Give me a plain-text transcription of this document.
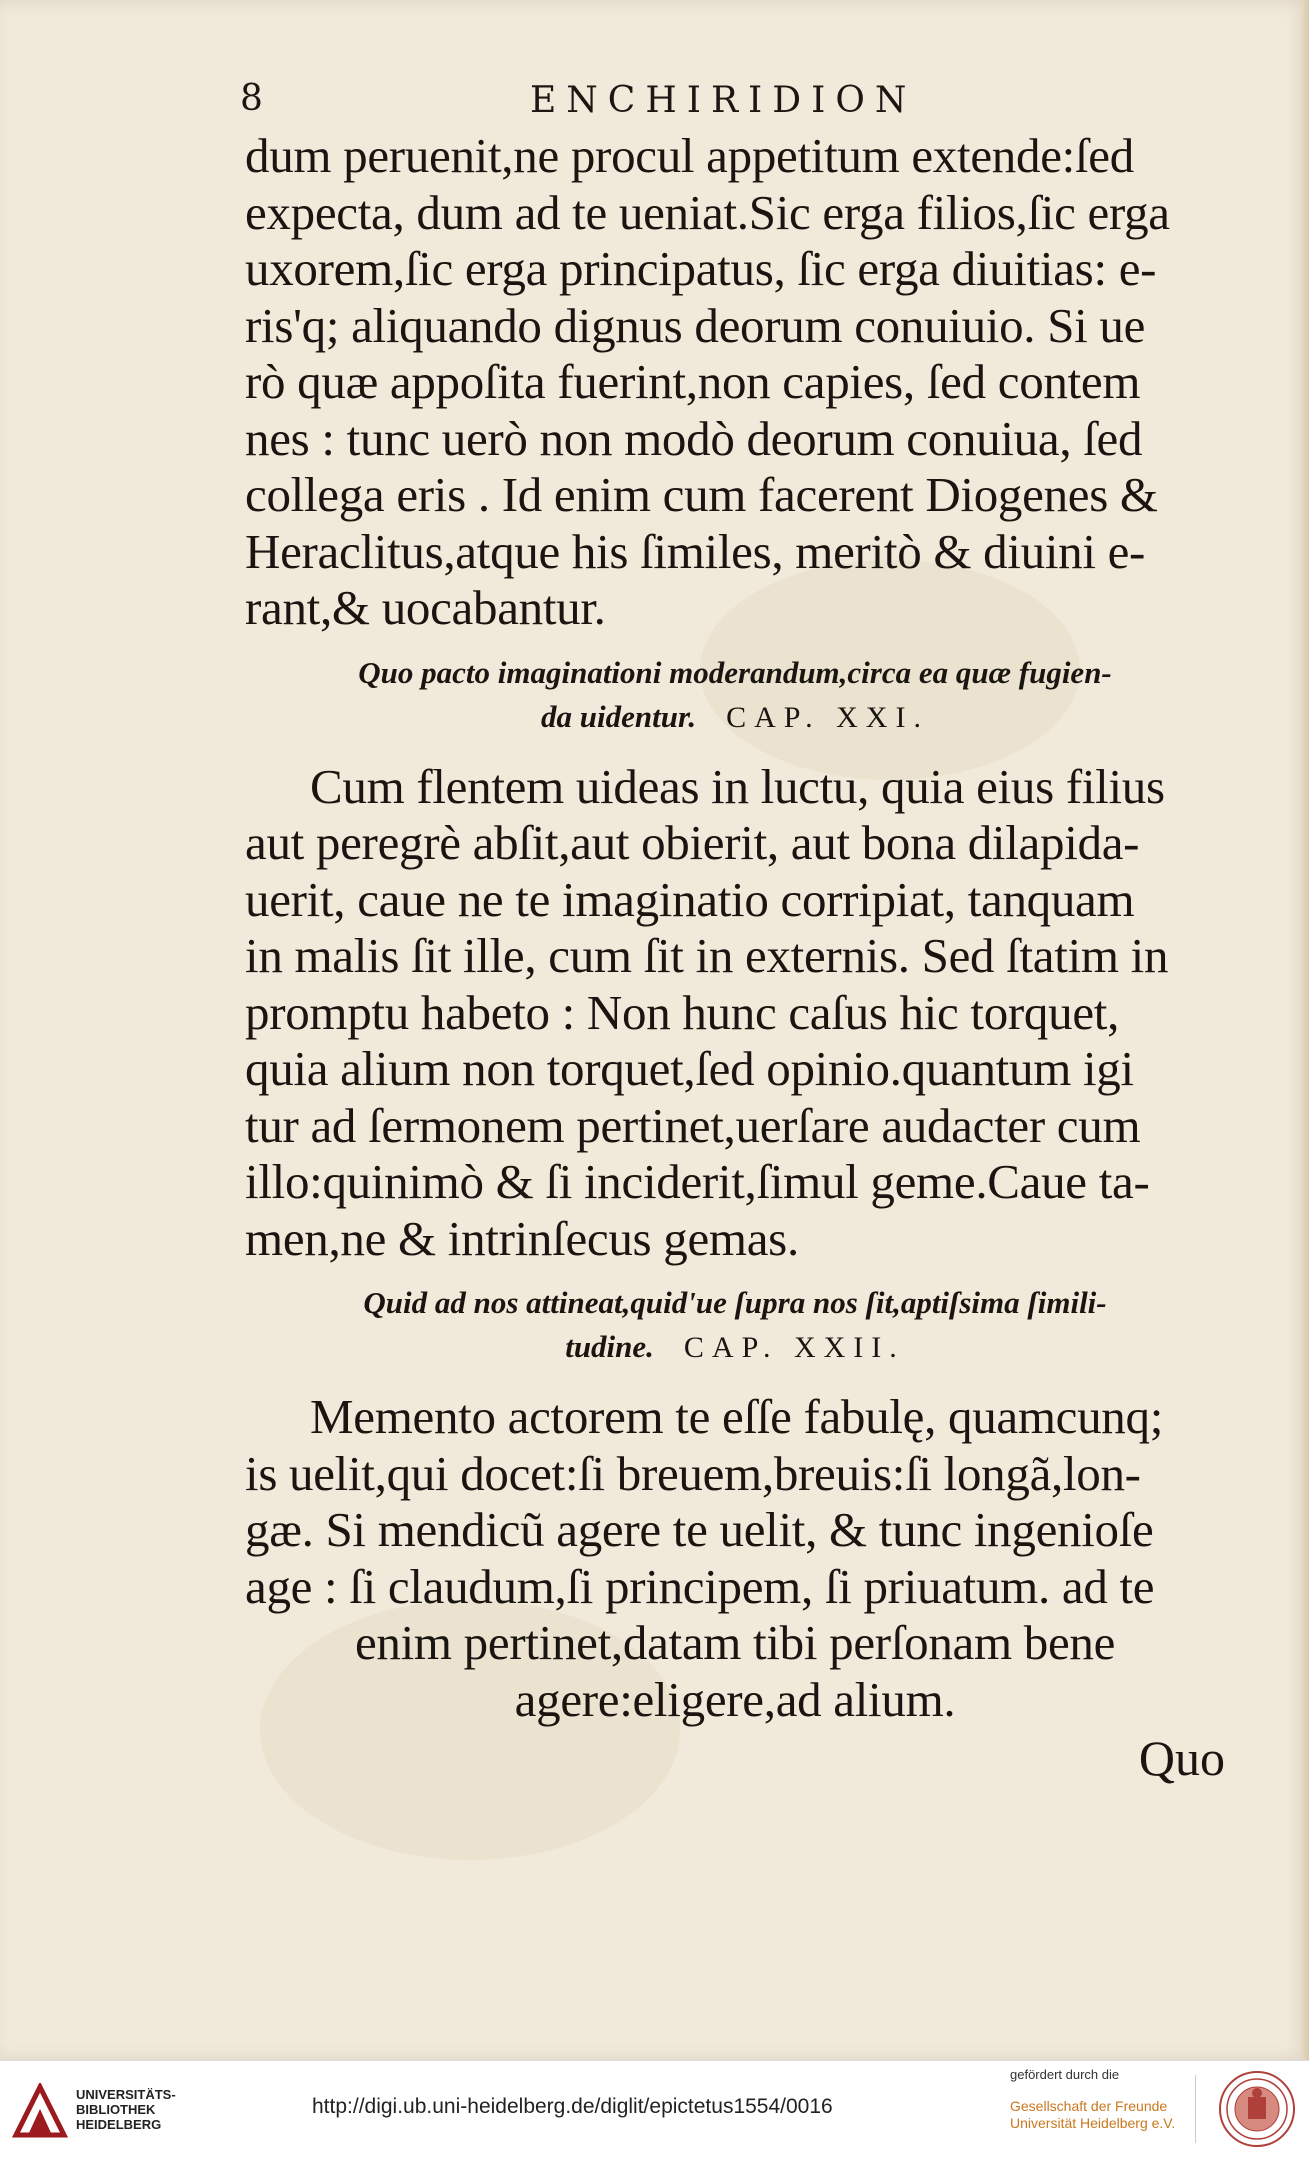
8	ENCHIRIDION
dum peruenit,ne procul appetitum extende:ſed
expecta, dum ad te ueniat.Sic erga filios,ſic erga
uxorem,ſic erga principatus, ſic erga diuitias: e-
ris'q; aliquando dignus deorum conuiuio. Si ue
rò quæ appoſita fuerint,non capies, ſed contem
nes : tunc uerò non modò deorum conuiua, ſed
collega eris . Id enim cum facerent Diogenes &
Heraclitus,atque his ſimiles, meritò & diuini e-
rant,& uocabantur.
Quo pacto imaginationi moderandum,circa ea quæ fugien-
da uidentur. CAP. XXI.
Cum flentem uideas in luctu, quia eius filius
aut peregrè abſit,aut obierit, aut bona dilapida-
uerit, caue ne te imaginatio corripiat, tanquam
in malis ſit ille, cum ſit in externis. Sed ſtatim in
promptu habeto : Non hunc caſus hic torquet,
quia alium non torquet,ſed opinio.quantum igi
tur ad ſermonem pertinet,uerſare audacter cum
illo:quinimò & ſi inciderit,ſimul geme.Caue ta-
men,ne & intrinſecus gemas.
Quid ad nos attineat,quid'ue ſupra nos ſit,aptiſsima ſimili-
tudine. CAP. XXII.
Memento actorem te eſſe fabulę, quamcunq;
is uelit,qui docet:ſi breuem,breuis:ſi longã,lon-
gæ. Si mendicũ agere te uelit, & tunc ingenioſe
age : ſi claudum,ſi principem, ſi priuatum. ad te
enim pertinet,datam tibi perſonam bene
agere:eligere,ad alium.
Quo
UNIVERSITÄTS-
BIBLIOTHEK
HEIDELBERG
http://digi.ub.uni-heidelberg.de/diglit/epictetus1554/0016
gefördert durch die
Gesellschaft der Freunde
Universität Heidelberg e.V.
